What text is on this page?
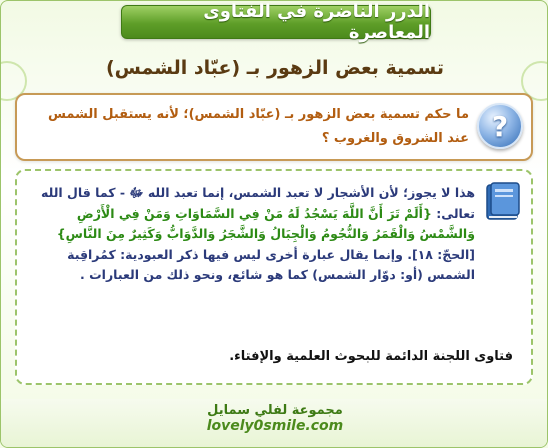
الدرر الناضرة في الفتاوى المعاصرة
تسمية بعض الزهور بـ (عبّاد الشمس)
?
ما حكم تسمية بعض الزهور بـ (عبّاد الشمس)؛ لأنه يستقبل الشمس عند الشروق والغروب ؟
هذا لا يجوز؛ لأن الأشجار لا تعبد الشمس، إنما تعبد الله ﷻ - كما قال الله تعالى: {أَلَمْ تَرَ أَنَّ اللَّهَ يَسْجُدُ لَهُ مَنْ فِي السَّمَاوَاتِ وَمَنْ فِي الْأَرْضِ وَالشَّمْسُ وَالْقَمَرُ وَالنُّجُومُ وَالْجِبَالُ وَالشَّجَرُ وَالدَّوَابُّ وَكَثِيرٌ مِنَ النَّاسِ} [الحجّ: ١٨]. وإنما يقال عبارة أخرى ليس فيها ذكر العبودية: كمُراقِبة الشمس (أو: دوّار الشمس) كما هو شائع، ونحو ذلك من العبارات .
فتاوى اللجنة الدائمة للبحوث العلمية والإفتاء.
مجموعة لفلي سمايل
lovely0smile.com
